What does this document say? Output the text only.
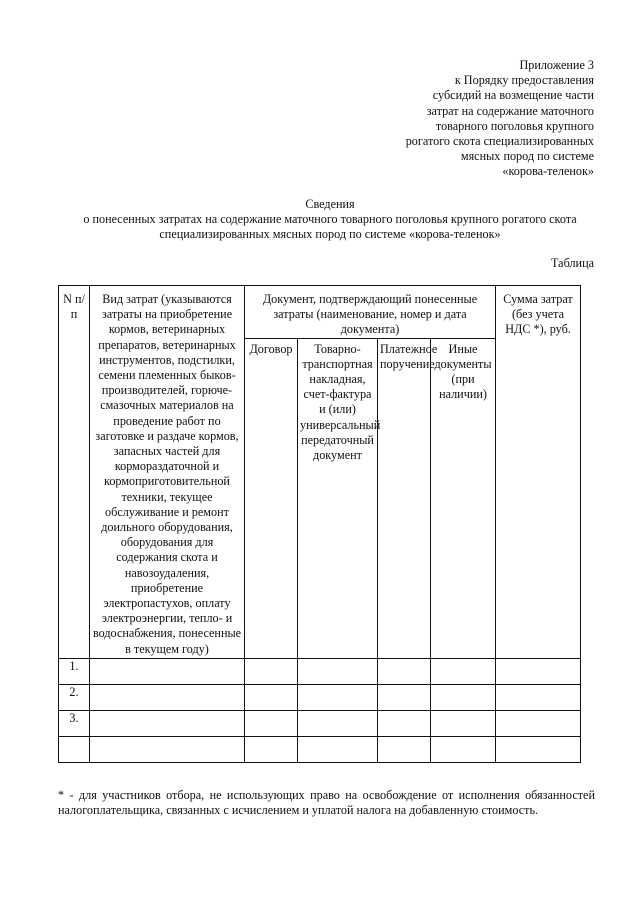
Приложение 3
к Порядку предоставления
субсидий на возмещение части
затрат на содержание маточного
товарного поголовья крупного
рогатого скота специализированных
мясных пород по системе
«корова-теленок»
Сведения
о понесенных затратах на содержание маточного товарного поголовья крупного рогатого скота
специализированных мясных пород по системе «корова-теленок»
Таблица
N п/п	Вид затрат (указываются затраты на приобретение кормов, ветеринарных препаратов, ветеринарных инструментов, подстилки, семени племенных быков-производителей, горюче-смазочных материалов на проведение работ по заготовке и раздаче кормов, запасных частей для кормораздаточной и кормоприготовительной техники, текущее обслуживание и ремонт доильного оборудования, оборудования для содержания скота и навозоудаления, приобретение электропастухов, оплату электроэнергии, тепло- и водоснабжения, понесенные в текущем году)	Документ, подтверждающий понесенные затраты (наименование, номер и дата документа)				Сумма затрат (без учета НДС *), руб.
		Договор	Товарно-транспортная накладная, счет-фактура и (или) универсальный передаточный документ	Платежное поручение	Иные документы (при наличии)	
1.						
2.						
3.						

* - для участников отбора, не использующих право на освобождение от исполнения обязанностей налогоплательщика, связанных с исчислением и уплатой налога на добавленную стоимость.
